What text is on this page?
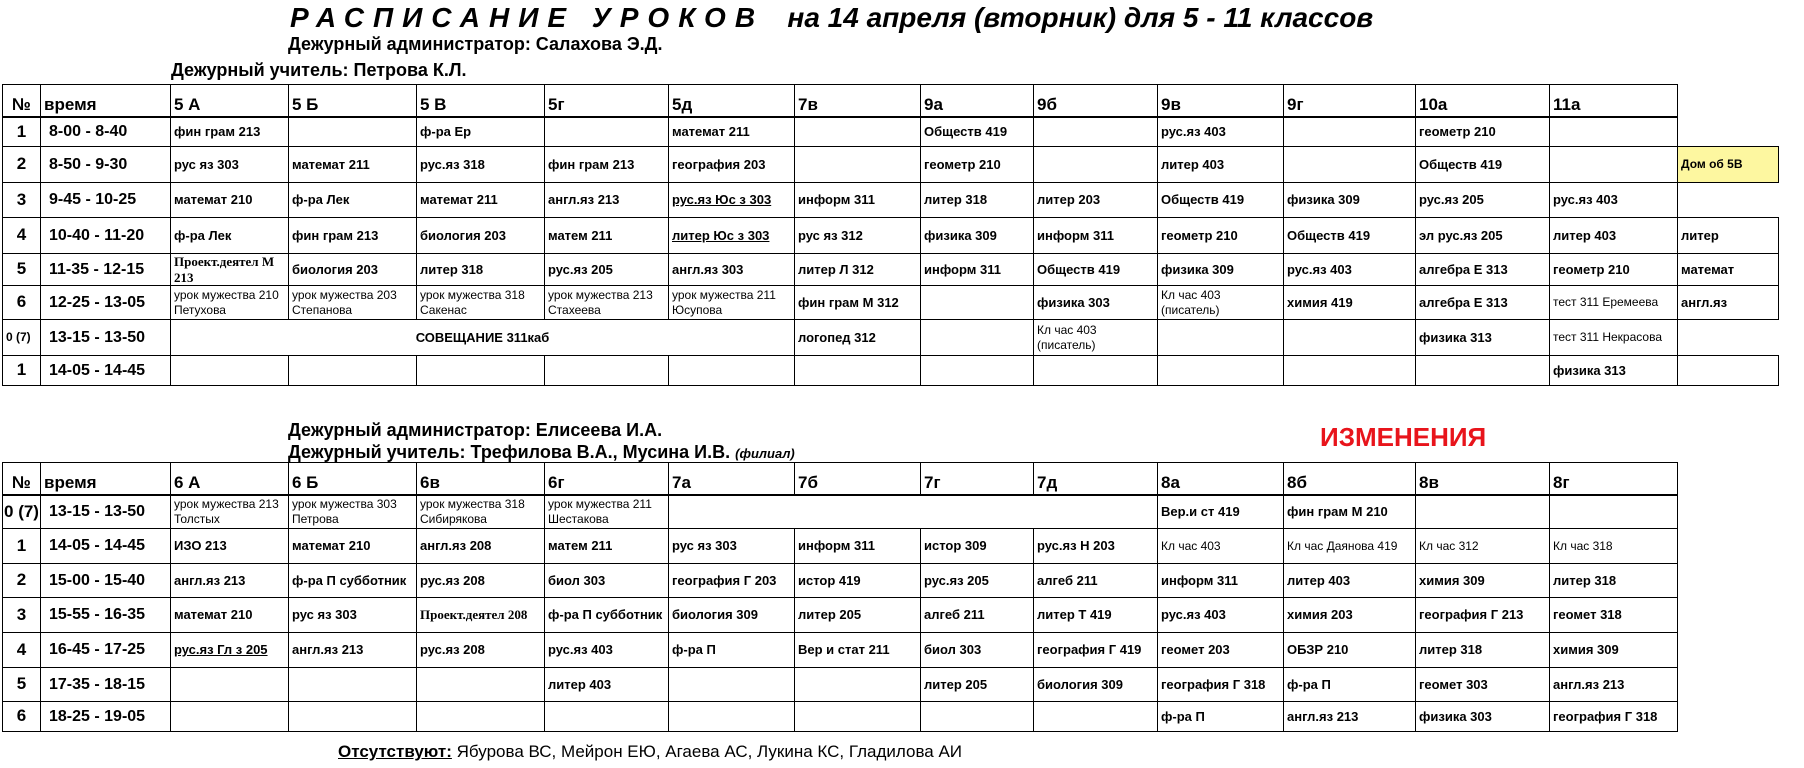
РАСПИСАНИЕ УРОКОВ на 14 апреля (вторник) для 5 - 11 классов
Дежурный администратор: Салахова Э.Д.
Дежурный учитель: Петрова К.Л.
№	время	5 А	5 Б	5 В	5г	5д	7в	9а	9б	9в	9г	10а	11а	
1	8-00 - 8-40	фин грам 213		ф-ра Ер		математ 211		Обществ 419		рус.яз 403		геометр 210		
2	8-50 - 9-30	рус яз 303	математ 211	рус.яз 318	фин грам 213	география 203		геометр 210		литер 403		Обществ 419		Дом об 5В
3	9-45 - 10-25	математ 210	ф-ра Лек	математ 211	англ.яз 213	рус.яз Юс з 303	информ 311	литер 318	литер 203	Обществ 419	физика 309	рус.яз 205	рус.яз 403	
4	10-40 - 11-20	ф-ра Лек	фин грам 213	биология 203	матем 211	литер Юс з 303	рус яз 312	физика 309	информ 311	геометр 210	Обществ 419	эл рус.яз 205	литер 403	литер
5	11-35 - 12-15	Проект.деятел М 213	биология 203	литер 318	рус.яз 205	англ.яз 303	литер Л 312	информ 311	Обществ 419	физика 309	рус.яз 403	алгебра Е 313	геометр 210	математ
6	12-25 - 13-05	урок мужества 210 Петухова	урок мужества 203 Степанова	урок мужества 318 Сакенас	урок мужества 213 Стахеева	урок мужества 211 Юсупова	фин грам М 312		физика 303	Кл час 403 (писатель)	химия 419	алгебра Е 313	тест 311 Еремеева	англ.яз
0 (7)	13-15 - 13-50	СОВЕЩАНИЕ 311каб					логопед 312		Кл час 403 (писатель)			физика 313	тест 311 Некрасова	
1	14-05 - 14-45												физика 313	
Дежурный администратор: Елисеева И.А.
Дежурный учитель: Трефилова В.А., Мусина И.В. (филиал)
ИЗМЕНЕНИЯ
№	время	6 А	6 Б	6в	6г	7а	7б	7г	7д	8а	8б	8в	8г
0 (7)	13-15 - 13-50	урок мужества 213 Толстых	урок мужества 303 Петрова	урок мужества 318 Сибирякова	урок мужества 211 Шестакова					Вер.и ст 419	фин грам М 210		
1	14-05 - 14-45	ИЗО 213	математ 210	англ.яз 208	матем 211	рус яз 303	информ 311	истор 309	рус.яз Н 203	Кл час 403	Кл час Даянова 419	Кл час 312	Кл час 318
2	15-00 - 15-40	англ.яз 213	ф-ра П субботник	рус.яз 208	биол 303	география Г 203	истор 419	рус.яз 205	алгеб 211	информ 311	литер 403	химия 309	литер 318
3	15-55 - 16-35	математ 210	рус яз 303	Проект.деятел 208	ф-ра П субботник	биология 309	литер 205	алгеб 211	литер Т 419	рус.яз 403	химия 203	география Г 213	геомет 318
4	16-45 - 17-25	рус.яз Гл з 205	англ.яз 213	рус.яз 208	рус.яз 403	ф-ра П	Вер и стат 211	биол 303	география Г 419	геомет 203	ОБЗР 210	литер 318	химия 309
5	17-35 - 18-15				литер 403			литер 205	биология 309	география Г 318	ф-ра П	геомет 303	англ.яз 213
6	18-25 - 19-05									ф-ра П	англ.яз 213	физика 303	география Г 318
Отсутствуют: Ябурова ВС, Мейрон ЕЮ, Агаева АС, Лукина КС, Гладилова АИ
